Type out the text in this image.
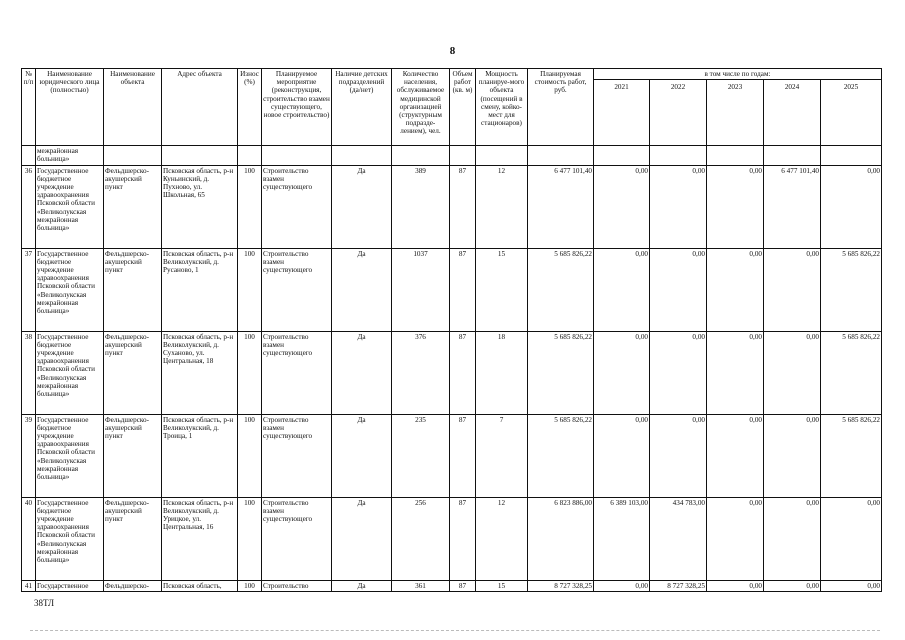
8
№ п/п	Наименование юридического лица (полностью)	Наименование объекта	Адрес объекта	Износ (%)	Планируемое мероприятие (реконструкция, строительство взамен существующего, новое строительство)	Наличие детских подразделений (да/нет)	Количество населения, обслуживаемое медицинской организацией (структурным подразде-лением), чел.	Объем работ (кв. м)	Мощность планируе-мого объекта (посещений в смену, койко-мест для стационаров)	Планируемая стоимость работ, руб.	в том числе по годам:				
											2021	2022	2023	2024	2025
	межрайонная больница»														
36	Государственное бюджетное учреждение здравоохранения Псковской области «Великолукская межрайонная больница»	Фельдшерско-акушерский пункт	Псковская область, р-н Куньинский, д. Пухново, ул. Школьная, 65	100	Строительство взамен существующего	Да	389	87	12	6 477 101,40	0,00	0,00	0,00	6 477 101,40	0,00
37	Государственное бюджетное учреждение здравоохранения Псковской области «Великолукская межрайонная больница»	Фельдшерско-акушерский пункт	Псковская область, р-н Великолукский, д. Русаново, 1	100	Строительство взамен существующего	Да	1037	87	15	5 685 826,22	0,00	0,00	0,00	0,00	5 685 826,22
38	Государственное бюджетное учреждение здравоохранения Псковской области «Великолукская межрайонная больница»	Фельдшерско-акушерский пункт	Псковская область, р-н Великолукский, д. Суханово, ул. Центральная, 18	100	Строительство взамен существующего	Да	376	87	18	5 685 826,22	0,00	0,00	0,00	0,00	5 685 826,22
39	Государственное бюджетное учреждение здравоохранения Псковской области «Великолукская межрайонная больница»	Фельдшерско-акушерский пункт	Псковская область, р-н Великолукский, д. Троица, 1	100	Строительство взамен существующего	Да	235	87	7	5 685 826,22	0,00	0,00	0,00	0,00	5 685 826,22
40	Государственное бюджетное учреждение здравоохранения Псковской области «Великолукская межрайонная больница»	Фельдшерско-акушерский пункт	Псковская область, р-н Великолукский, д. Урицкое, ул. Центральная, 16	100	Строительство взамен существующего	Да	256	87	12	6 823 886,00	6 389 103,00	434 783,00	0,00	0,00	0,00
41	Государственное	Фельдшерско-	Псковская область,	100	Строительство	Да	361	87	15	8 727 328,25	0,00	8 727 328,25	0,00	0,00	0,00
38ТЛ
